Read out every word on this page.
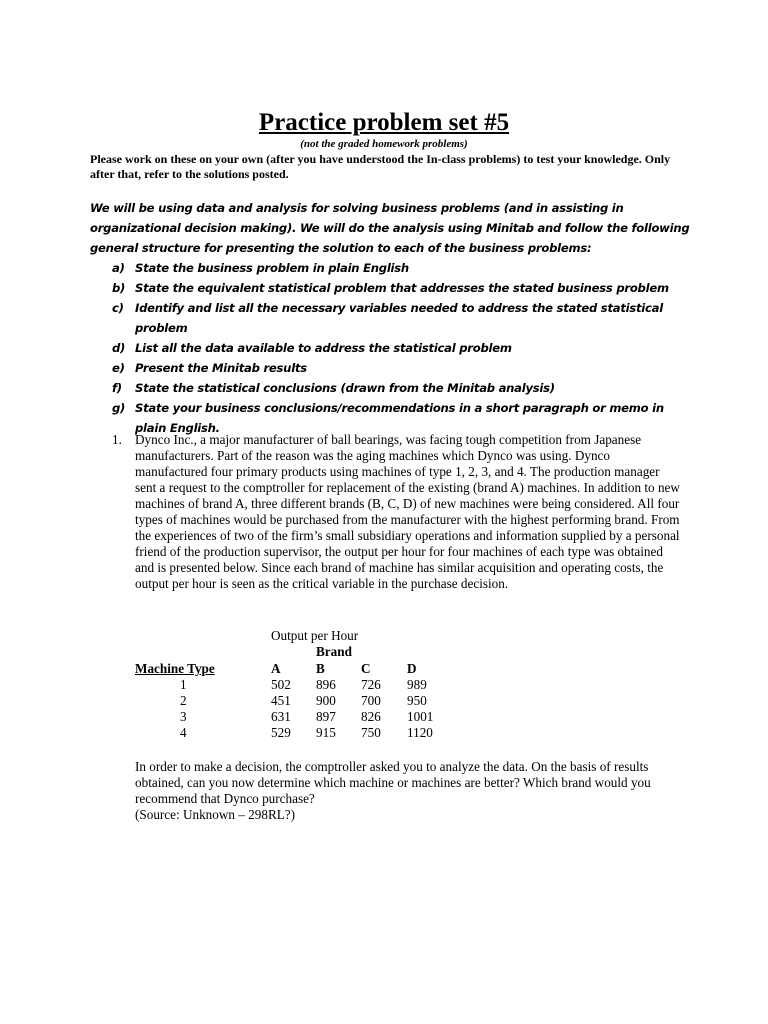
Practice problem set #5
(not the graded homework problems)
Please work on these on your own (after you have understood the In-class problems) to test your knowledge. Only after that, refer to the solutions posted.
We will be using data and analysis for solving business problems (and in assisting in organizational decision making). We will do the analysis using Minitab and follow the following general structure for presenting the solution to each of the business problems:
a) State the business problem in plain English
b) State the equivalent statistical problem that addresses the stated business problem
c) Identify and list all the necessary variables needed to address the stated statistical problem
d) List all the data available to address the statistical problem
e) Present the Minitab results
f)	State the statistical conclusions (drawn from the Minitab analysis)
g) State your business conclusions/recommendations in a short paragraph or memo in plain English.
1. Dynco Inc., a major manufacturer of ball bearings, was facing tough competition from Japanese manufacturers. Part of the reason was the aging machines which Dynco was using. Dynco manufactured four primary products using machines of type 1, 2, 3, and 4. The production manager sent a request to the comptroller for replacement of the existing (brand A) machines. In addition to new machines of brand A, three different brands (B, C, D) of new machines were being considered. All four types of machines would be purchased from the manufacturer with the highest performing brand. From the experiences of two of the firm’s small subsidiary operations and information supplied by a personal friend of the production supervisor, the output per hour for four machines of each type was obtained and is presented below. Since each brand of machine has similar acquisition and operating costs, the output per hour is seen as the critical variable in the purchase decision.
Output per Hour
Brand
Machine Type	A	B	C	D

1	502 896 726 989
2	451 900 700 950
3	631 897 826 1001
4	529 915 750 1120
In order to make a decision, the comptroller asked you to analyze the data. On the basis of results obtained, can you now determine which machine or machines are better? Which brand would you recommend that Dynco purchase?
(Source: Unknown – 298RL?)
